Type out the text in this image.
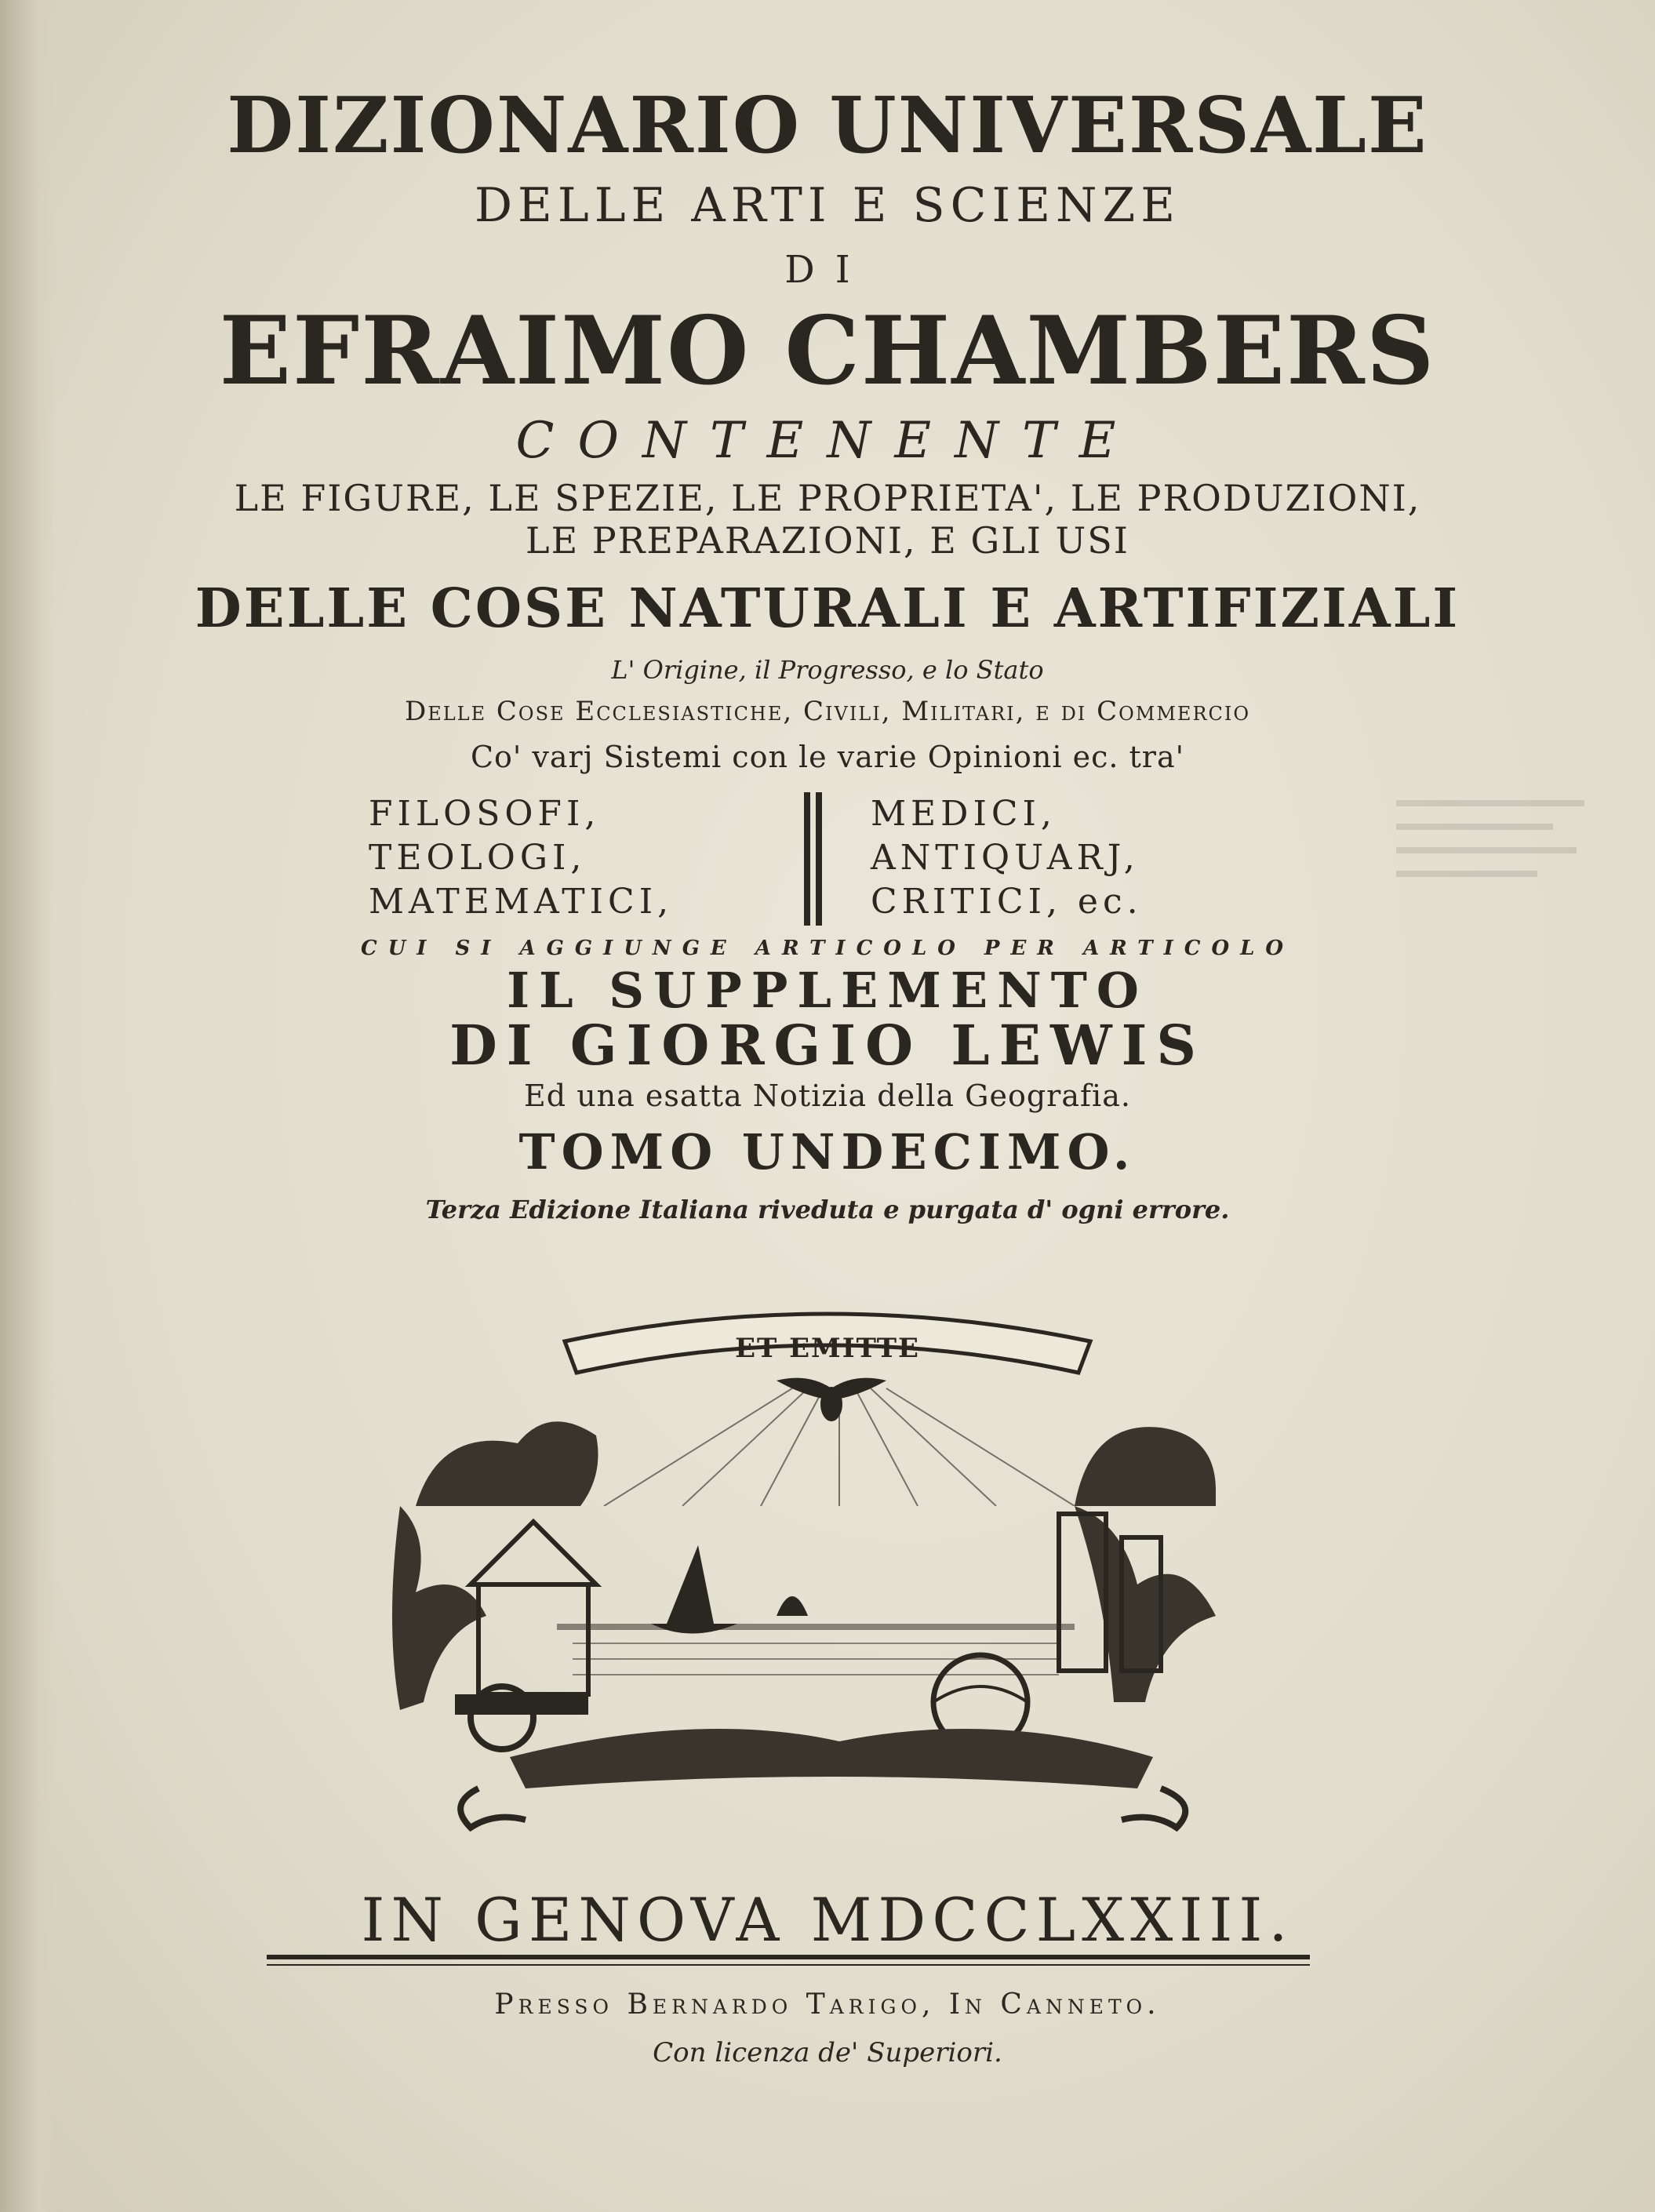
DIZIONARIO UNIVERSALE
DELLE ARTI E SCIENZE
DI
EFRAIMO CHAMBERS
CONTENENTE
LE FIGURE, LE SPEZIE, LE PROPRIETA', LE PRODUZIONI,
LE PREPARAZIONI, E GLI USI
DELLE COSE NATURALI E ARTIFIZIALI
L' Origine, il Progresso, e lo Stato
Delle Cose Ecclesiastiche, Civili, Militari, e di Commercio
Co' varj Sistemi con le varie Opinioni ec. tra'
FILOSOFI,
TEOLOGI,
MATEMATICI,
MEDICI,
ANTIQUARJ,
CRITICI, ec.
CUI SI AGGIUNGE ARTICOLO PER ARTICOLO
IL SUPPLEMENTO
DI GIORGIO LEWIS
Ed una esatta Notizia della Geografia.
TOMO UNDECIMO.
Terza Edizione Italiana riveduta e purgata d' ogni errore.
ET EMITTE
IN GENOVA MDCCLXXIII.
Presso Bernardo Tarigo, In Canneto.
Con licenza de' Superiori.
